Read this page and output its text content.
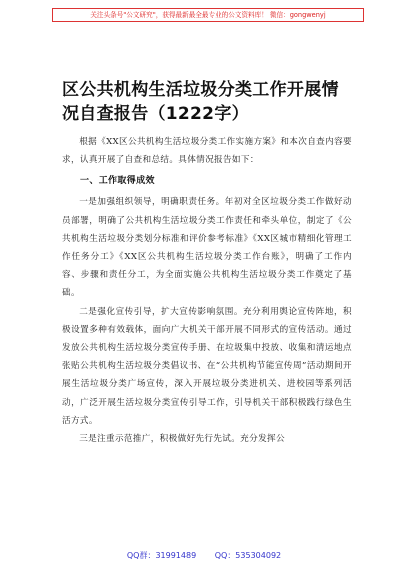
关注头条号"公文研究"，获得最新最全最专业的公文资料库！ 微信：gongwenyj
区公共机构生活垃圾分类工作开展情况自查报告（1222字）

根据《XX区公共机构生活垃圾分类工作实施方案》和本次自查内容要求，认真开展了自查和总结。具体情况报告如下：

一、工作取得成效

一是加强组织领导，明确职责任务。年初对全区垃圾分类工作做好动员部署，明确了公共机构生活垃圾分类工作责任和牵头单位，制定了《公共机构生活垃圾分类划分标准和评价参考标准》《XX区城市精细化管理工作任务分工》《XX区公共机构生活垃圾分类工作台账》，明确了工作内容、步骤和责任分工，为全面实施公共机构生活垃圾分类工作奠定了基础。

二是强化宣传引导，扩大宣传影响氛围。充分利用舆论宣传阵地，积极设置多种有效载体，面向广大机关干部开展不同形式的宣传活动。通过发放公共机构生活垃圾分类宣传手册、在垃圾集中投放、收集和清运地点张贴公共机构生活垃圾分类倡议书、在“公共机构节能宣传周”活动期间开展生活垃圾分类广场宣传，深入开展垃圾分类进机关、进校园等系列活动，广泛开展生活垃圾分类宣传引导工作，引导机关干部积极践行绿色生活方式。

三是注重示范推广，积极做好先行先试。充分发挥公

QQ群：31991489 QQ：535304092
